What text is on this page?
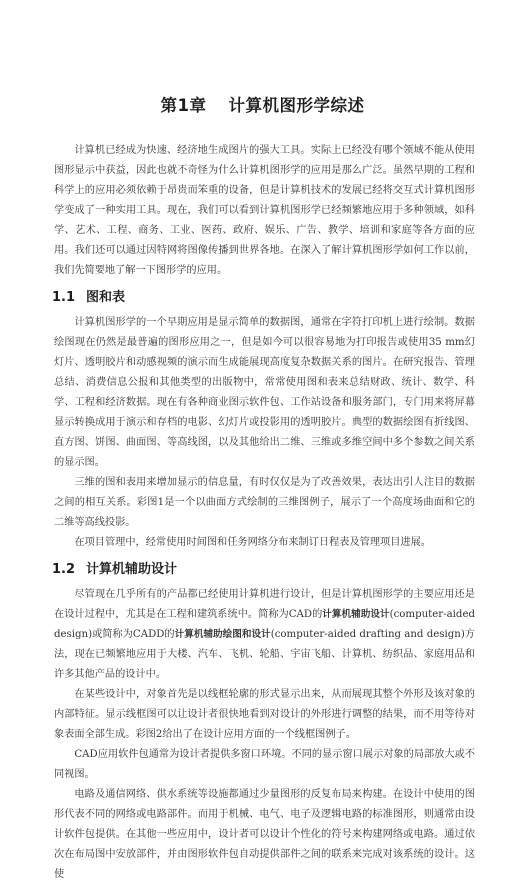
第1章 计算机图形学综述

计算机已经成为快速、经济地生成图片的强大工具。实际上已经没有哪个领域不能从使用图形显示中获益，因此也就不奇怪为什么计算机图形学的应用是那么广泛。虽然早期的工程和科学上的应用必须依赖于昂贵而笨重的设备，但是计算机技术的发展已经将交互式计算机图形学变成了一种实用工具。现在，我们可以看到计算机图形学已经频繁地应用于多种领域，如科学、艺术、工程、商务、工业、医药、政府、娱乐、广告、教学、培训和家庭等各方面的应用。我们还可以通过因特网将图像传播到世界各地。在深入了解计算机图形学如何工作以前，我们先简要地了解一下图形学的应用。

1.1 图和表

计算机图形学的一个早期应用是显示简单的数据图，通常在字符打印机上进行绘制。数据绘图现在仍然是最普遍的图形应用之一，但是如今可以很容易地为打印报告或使用35 mm幻灯片、透明胶片和动感视频的演示而生成能展现高度复杂数据关系的图片。在研究报告、管理总结、消费信息公报和其他类型的出版物中，常常使用图和表来总结财政、统计、数学、科学、工程和经济数据。现在有各种商业图示软件包、工作站设备和服务部门，专门用来将屏幕显示转换成用于演示和存档的电影、幻灯片或投影用的透明胶片。典型的数据绘图有折线图、直方图、饼图、曲面图、等高线图，以及其他给出二维、三维或多维空间中多个参数之间关系的显示图。

三维的图和表用来增加显示的信息量，有时仅仅是为了改善效果，表达出引人注目的数据之间的相互关系。彩图1是一个以曲面方式绘制的三维图例子，展示了一个高度场曲面和它的二维等高线投影。

在项目管理中，经常使用时间图和任务网络分布来制订日程表及管理项目进展。

1.2 计算机辅助设计

尽管现在几乎所有的产品都已经使用计算机进行设计，但是计算机图形学的主要应用还是在设计过程中，尤其是在工程和建筑系统中。简称为CAD的计算机辅助设计(computer-aided design)或简称为CADD的计算机辅助绘图和设计(computer-aided drafting and design)方法，现在已频繁地应用于大楼、汽车、飞机、轮船、宇宙飞船、计算机、纺织品、家庭用品和许多其他产品的设计中。

在某些设计中，对象首先是以线框轮廓的形式显示出来，从而展现其整个外形及该对象的内部特征。显示线框图可以让设计者很快地看到对设计的外形进行调整的结果，而不用等待对象表面全部生成。彩图2给出了在设计应用方面的一个线框图例子。

CAD应用软件包通常为设计者提供多窗口环境。不同的显示窗口展示对象的局部放大或不同视图。

电路及通信网络、供水系统等设施都通过少量图形的反复布局来构建。在设计中使用的图形代表不同的网络或电路部件。而用于机械、电气、电子及逻辑电路的标准图形，则通常由设计软件包提供。在其他一些应用中，设计者可以设计个性化的符号来构建网络或电路。通过依次在布局图中安放部件，并由图形软件包自动提供部件之间的联系来完成对该系统的设计。这使
